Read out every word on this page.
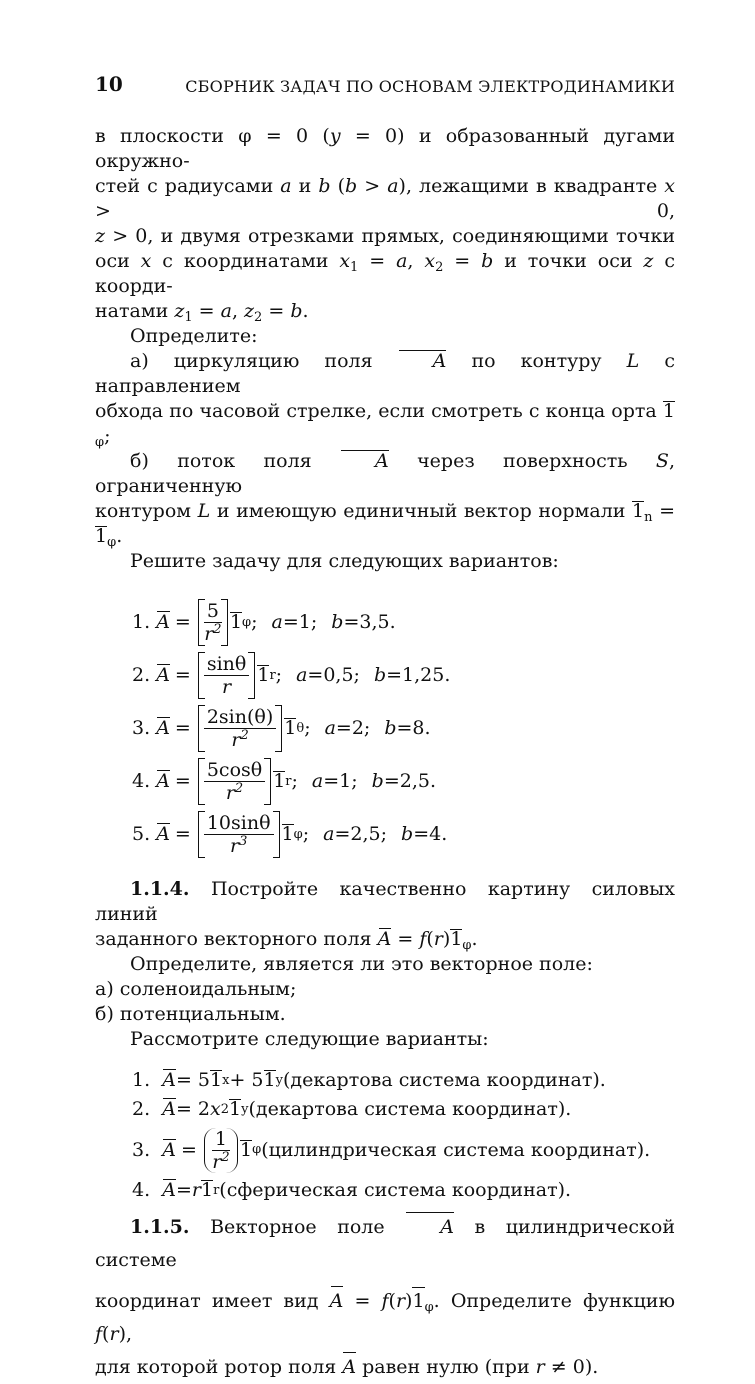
10	СБОРНИК ЗАДАЧ ПО ОСНОВАМ ЭЛЕКТРОДИНАМИКИ

в плоскости φ = 0 (y = 0) и образованный дугами окружно-
стей с радиусами a и b (b > a), лежащими в квадранте x > 0,
z > 0, и двумя отрезками прямых, соединяющими точки
оси x с координатами $x_1 = a$, $x_2 = b$ и точки оси z с коорди-
натами $z_1 = a$, $z_2 = b$.

Определите:

а) циркуляцию поля A по контуру L с направлением
обхода по часовой стрелке, если смотреть с конца орта $1_\varphi$;

б) поток поля A через поверхность S, ограниченную
контуром L и имеющую единичный вектор нормали $1_n = 1_\varphi$.

Решите задачу для следующих вариантов:

1.
$A = \frac{5}{r^2} 1$ φ ; a =1; b =3,5.
2.
$A = \frac{\sin\theta}{r} 1$ r ; a =0,5; b =1,25.
3.
$A = \frac{2\sin(\theta)}{r^2} 1$ θ ; a =2; b =8.
4.
$A = \frac{5\cos\theta}{r^2} 1$ r ; a =1; b =2,5.
5.
$A = \frac{10\sin\theta}{r^3} 1$ φ ; a =2,5; b =4.

1.1.4. Постройте качественно картину силовых линий
заданного векторного поля $A = f(r)1_\varphi$.

Определите, является ли это векторное поле:

а) соленоидальным;

б) потенциальным.

Рассмотрите следующие варианты:

1.
A = 5 1 x + 5 1 y (декартова система координат).
2.
A = 2 x 2 1 y (декартова система координат).
3.
$A = \frac{1}{r^2} 1$ φ (цилиндрическая система координат).
4.
A = r 1 r (сферическая система координат).

1.1.5. Векторное поле A в цилиндрической системе
координат имеет вид $A = f(r)1_\varphi$. Определите функцию f(r),
для которой ротор поля A равен нулю (при r ≠ 0).
